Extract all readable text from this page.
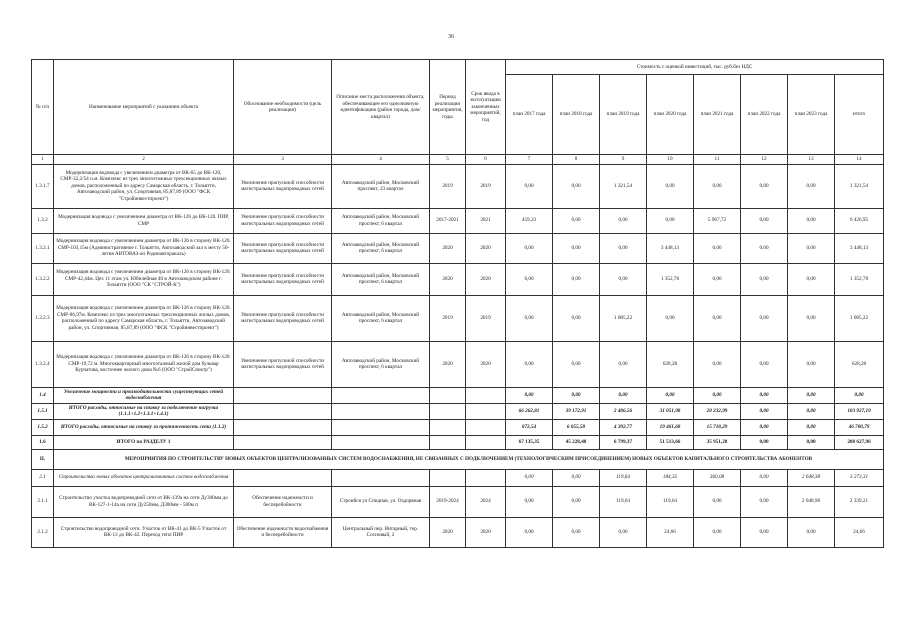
36
№ п/п	Наименование мероприятий с указанием объекта	Обоснование необходимости (цель реализации)	Описание места расположения объекта, обеспечивающее его однозначную идентификацию (район города, дом/квартал)	Период реализации мероприятия, годы	Срок ввода в эксплуатацию законченных мероприятий, год	Стоимость с оценкой инвестиций, тыс. руб.без НДС							
						план 2017 года	план 2018 года	план 2019 года	план 2020 года	план 2021 года	план 2022 года	план 2023 года	итого
1	2	3	4	5	6	7	8	9	10	11	12	13	14
1.3.1.7	Модернизация водовода с увеличением диаметра от ВК-65 до ВК-120, СМР-32,2/54 п.м. Комплекс из трех многоэтажных трехсекционных жилых домов, расположенный по адресу Самарская область, г. Тольятти, Автозаводский район, ул. Спортивная, 85,87,89 (ООО "ФСК "Стройинвестпроект")	Увеличение пропускной способности магистральных водопроводных сетей	Автозаводский район, Московский проспект, 23 квартал	2019	2019	0,00	0,00	1 321,54	0,00	0,00	0,00	0,00	1 321,54
1.3.2	Модернизация водовода с увеличением диаметра от ВК-126 до ВК-120. ПИР, СМР	Увеличение пропускной способности магистральных водопроводных сетей	Автозаводский район, Московский проспект, 6 квартал	2017-2021	2021	459,23	0,00	0,00	0,00	5 967,72	0,00	0,00	6 426,95
1.3.2.1	Модернизация водовода с увеличением диаметра от ВК-126 в сторону ВК-120. СМР-103,15м (Административное г. Тольятти, Автозаводский зал к месту 50-летия АВТОВАЗ-ап Родинавторакаль)	Увеличение пропускной способности магистральных водопроводных сетей	Автозаводский район, Московский проспект, 6 квартал	2020	2020	0,00	0,00	0,00	3 448,13	0,00	0,00	0,00	3 448,13
1.3.2.2	Модернизация водовода с увеличением диаметра от ВК-126 в сторону ВК-120. СМР-42,44м. Цех 11 этаж ул. Юбилейная 40 в Автозаводском районе г. Тольятти (ООО "СК "СТРОЙ-К")	Увеличение пропускной способности магистральных водопроводных сетей	Автозаводский район, Московский проспект, 6 квартал	2020	2020	0,00	0,00	0,00	1 352,78	0,00	0,00	0,00	1 352,78
1.3.2.3	Модернизация водовода с увеличением диаметра от ВК-126 в сторону ВК-120. СМР-86,97м. Комплекс из трех многоэтажных трехсекционных жилых домов, расположенный по адресу Самарская область, г. Тольятти, Автозаводский район, ул. Спортивная, 85,87,89 (ООО "ФСК "Стройинвестпроект")	Увеличение пропускной способности магистральных водопроводных сетей	Автозаводский район, Московский проспект, 6 квартал	2019	2019	0,00	0,00	1 085,22	0,00	0,00	0,00	0,00	1 085,22
1.3.2.4	Модернизация водовода с увеличением диаметра от ВК-126 в сторону ВК-120. СМР-19,72 м. Многоквартирный многоэтажный жилой дом бульвар Курчатова, восточнее жилого дома №6 (ООО "СтройСпектр")	Увеличение пропускной способности магистральных водопроводных сетей	Автозаводский район, Московский проспект, 6 квартал	2020	2020	0,00	0,00	0,00	628,28	0,00	0,00	0,00	628,28
1.4	Увеличение мощности и производительности существующих сетей водоснабжения					0,00	0,00	0,00	0,00	0,00	0,00	0,00	0,00
1.5.1	ИТОГО расходы, относимые на ставку за подключение нагрузки (1.1.1+1.2+1.3.1+1.4.1)					66 262,81	39 172,91	2 406,56	31 051,98	20 232,99	0,00	0,00	103 927,19
1.5.2	ИТОГО расходы, относимые на ставку за протяженность сети (1.1.2)					872,54	6 055,58	4 392,77	19 461,68	15 718,29	0,00	0,00	46 700,79
1.6	ИТОГО по РАЗДЕЛУ 1					67 135,35	45 228,48	6 799,37	51 513,66	35 951,28	0,00	0,00	208 627,96
II.	МЕРОПРИЯТИЯ ПО СТРОИТЕЛЬСТВУ НОВЫХ ОБЪЕКТОВ ЦЕНТРАЛИЗОВАННЫХ СИСТЕМ ВОДОСНАБЖЕНИЯ, НЕ СВЯЗАННЫХ С ПОДКЛЮЧЕНИЕМ (ТЕХНОЛОГИЧЕСКИМ ПРИСОЕДИНЕНИЕМ) НОВЫХ ОБЪЕКТОВ КАПИТАЛЬНОГО СТРОИТЕЛЬСТВА АБОНЕНТОВ												
2.1	Строительство новых объектов централизованных систем водоснабжения					0,00	0,00	119,64	184,35	360,08	0,00	2 648,38	3 273,31
2.1.1	Строительство участка водопроводной сети от ВК-139а на сети Ду300мм до ВК-127-1-14а на сети Ду250мм, Д300мм - 580м п	Обеспечение надежности и бесперебойности	Строийся ул Спидная, ул. Оздорвная	2019-2024	2024	0,00	0,00	119,64	119,64	0,00	0,00	2 048,98	2 339,21
2.1.2	Строительство водопроводной сети. Участок от ВК-41 до ВК-5 Участок от ВК-13 до ВК-42. Переход тепл ПИР	Обеспечение надежности водоснабжения и бесперебойности	Центральный пер. Янтарный, тер. Сосновый, 2	2020	2020	0,00	0,00	0,00	24,66	0,00	0,00	0,00	24,66
